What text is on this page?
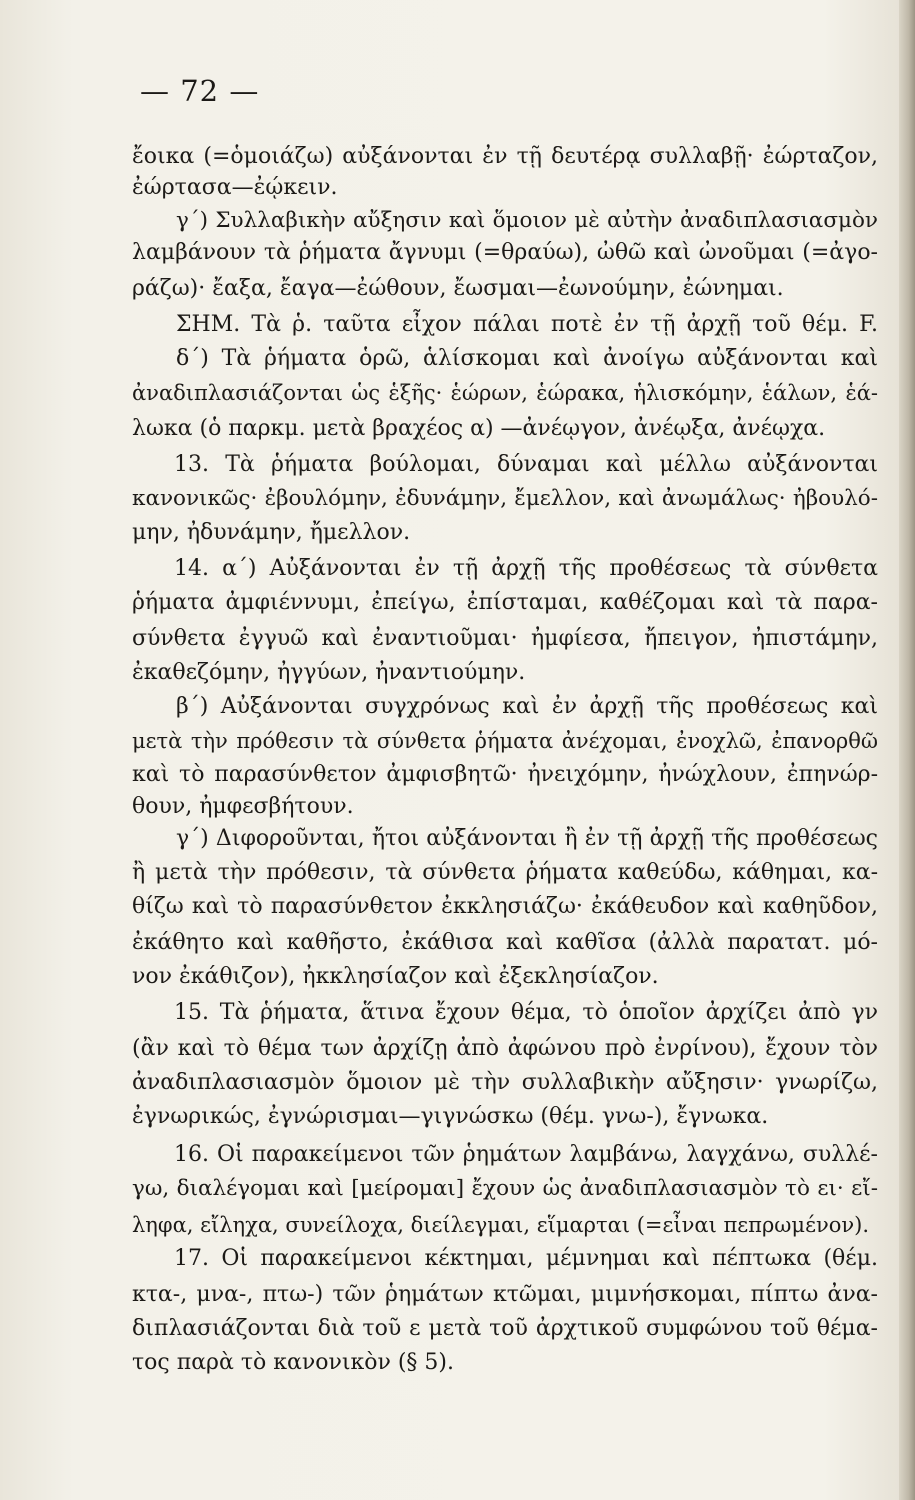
— 72 —
ἔοικα (=ὁμοιάζω) αὐξάνονται ἐν τῇ δευτέρᾳ συλλαβῇ· ἐώρταζον,
ἐώρτασα—ἐῴκειν.
γ΄) Συλλαβικὴν αὔξησιν καὶ ὅμοιον μὲ αὐτὴν ἀναδιπλασιασμὸν
λαμβάνουν τὰ ῥήματα ἄγνυμι (=θραύω), ὠθῶ καὶ ὠνοῦμαι (=ἀγο-
ράζω)· ἔαξα, ἔαγα—ἐώθουν, ἔωσμαι—ἐωνούμην, ἐώνημαι.
ΣΗΜ. Τὰ ῥ. ταῦτα εἶχον πάλαι ποτὲ ἐν τῇ ἀρχῇ τοῦ θέμ. F.
δ΄) Τὰ ῥήματα ὁρῶ, ἁλίσκομαι καὶ ἀνοίγω αὐξάνονται καὶ
ἀναδιπλασιάζονται ὡς ἑξῆς· ἑώρων, ἑώρακα, ἡλισκόμην, ἑάλων, ἑά-
λωκα (ὁ παρκμ. μετὰ βραχέος α) —ἀνέῳγον, ἀνέῳξα, ἀνέῳχα.
13. Τὰ ῥήματα βούλομαι, δύναμαι καὶ μέλλω αὐξάνονται
κανονικῶς· ἐβουλόμην, ἐδυνάμην, ἔμελλον, καὶ ἀνωμάλως· ἠβουλό-
μην, ἠδυνάμην, ἤμελλον.
14. α΄) Αὐξάνονται ἐν τῇ ἀρχῇ τῆς προθέσεως τὰ σύνθετα
ῥήματα ἀμφιέννυμι, ἐπείγω, ἐπίσταμαι, καθέζομαι καὶ τὰ παρα-
σύνθετα ἐγγυῶ καὶ ἐναντιοῦμαι· ἠμφίεσα, ἤπειγον, ἠπιστάμην,
ἐκαθεζόμην, ἠγγύων, ἠναντιούμην.
β΄) Αὐξάνονται συγχρόνως καὶ ἐν ἀρχῇ τῆς προθέσεως καὶ
μετὰ τὴν πρόθεσιν τὰ σύνθετα ῥήματα ἀνέχομαι, ἐνοχλῶ, ἐπανορθῶ
καὶ τὸ παρασύνθετον ἀμφισβητῶ· ἠνειχόμην, ἠνώχλουν, ἐπηνώρ-
θουν, ἠμφεσβήτουν.
γ΄) Διφοροῦνται, ἤτοι αὐξάνονται ἢ ἐν τῇ ἀρχῇ τῆς προθέσεως
ἢ μετὰ τὴν πρόθεσιν, τὰ σύνθετα ῥήματα καθεύδω, κάθημαι, κα-
θίζω καὶ τὸ παρασύνθετον ἐκκλησιάζω· ἐκάθευδον καὶ καθηῦδον,
ἐκάθητο καὶ καθῆστο, ἐκάθισα καὶ καθῖσα (ἀλλὰ παρατατ. μό-
νον ἐκάθιζον), ἠκκλησίαζον καὶ ἐξεκλησίαζον.
15. Τὰ ῥήματα, ἅτινα ἔχουν θέμα, τὸ ὁποῖον ἀρχίζει ἀπὸ γν
(ἂν καὶ τὸ θέμα των ἀρχίζῃ ἀπὸ ἀφώνου πρὸ ἐνρίνου), ἔχουν τὸν
ἀναδιπλασιασμὸν ὅμοιον μὲ τὴν συλλαβικὴν αὔξησιν· γνωρίζω,
ἐγνωρικώς, ἐγνώρισμαι—γιγνώσκω (θέμ. γνω-), ἔγνωκα.
16. Οἱ παρακείμενοι τῶν ῥημάτων λαμβάνω, λαγχάνω, συλλέ-
γω, διαλέγομαι καὶ [μείρομαι] ἔχουν ὡς ἀναδιπλασιασμὸν τὸ ει· εἴ-
ληφα, εἴληχα, συνείλοχα, διείλεγμαι, εἵμαρται (=εἶναι πεπρωμένον).
17. Οἱ παρακείμενοι κέκτημαι, μέμνημαι καὶ πέπτωκα (θέμ.
κτα-, μνα-, πτω-) τῶν ῥημάτων κτῶμαι, μιμνήσκομαι, πίπτω ἀνα-
διπλασιάζονται διὰ τοῦ ε μετὰ τοῦ ἀρχτικοῦ συμφώνου τοῦ θέμα-
τος παρὰ τὸ κανονικὸν (§ 5).
